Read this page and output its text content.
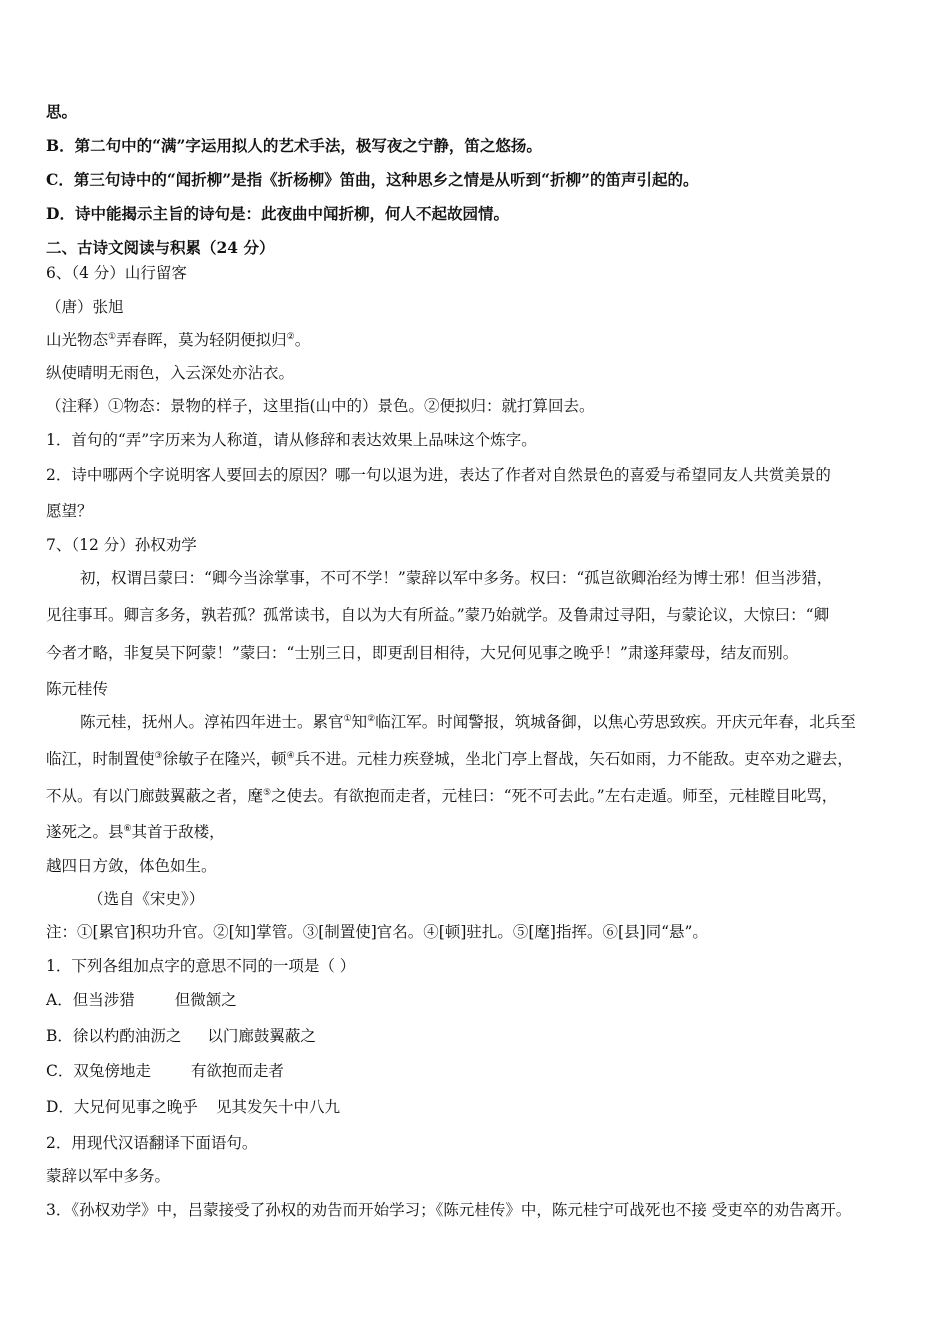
思。
B．第二句中的“满”字运用拟人的艺术手法，极写夜之宁静，笛之悠扬。
C．第三句诗中的“闻折柳”是指《折杨柳》笛曲，这种思乡之情是从听到“折柳”的笛声引起的。
D．诗中能揭示主旨的诗句是：此夜曲中闻折柳，何人不起故园情。
二、古诗文阅读与积累（24 分）
6、（4 分）山行留客
（唐）张旭
山光物态①弄春晖，莫为轻阴便拟归②。
纵使晴明无雨色，入云深处亦沾衣。
（注释）①物态：景物的样子，这里指(山中的）景色。②便拟归：就打算回去。
1．首句的“弄”字历来为人称道，请从修辞和表达效果上品味这个炼字。
2．诗中哪两个字说明客人要回去的原因？哪一句以退为进，表达了作者对自然景色的喜爱与希望同友人共赏美景的
愿望？
7、（12 分）孙权劝学
初，权谓吕蒙曰：“卿今当涂掌事，不可不学！”蒙辞以军中多务。权曰：“孤岂欲卿治经为博士邪！但当涉猎，
见往事耳。卿言多务，孰若孤？孤常读书，自以为大有所益。”蒙乃始就学。及鲁肃过寻阳，与蒙论议，大惊曰：“卿
今者才略，非复吴下阿蒙！”蒙曰：“士别三日，即更刮目相待，大兄何见事之晚乎！”肃遂拜蒙母，结友而别。
陈元桂传
陈元桂，抚州人。淳祐四年进士。累官①知②临江军。时闻警报，筑城备御，以焦心劳思致疾。开庆元年春，北兵至
临江，时制置使③徐敏子在隆兴，顿④兵不进。元桂力疾登城，坐北门亭上督战，矢石如雨，力不能敌。吏卒劝之避去，
不从。有以门廊鼓翼蔽之者，麾⑤之使去。有欲抱而走者，元桂曰：“死不可去此。”左右走遁。师至，元桂瞠目叱骂，
遂死之。县⑥其首于敌楼，
越四日方敛，体色如生。
（选自《宋史》）
注：①[累官]积功升官。②[知]掌管。③[制置使]官名。④[顿]驻扎。⑤[麾]指挥。⑥[县]同“悬”。
1．下列各组加点字的意思不同的一项是（ ）
A．但当涉猎	但微颔之
B．徐以杓酌油沥之 以门廊鼓翼蔽之
C．双兔傍地走	有欲抱而走者
D．大兄何见事之晚乎 见其发矢十中八九
2．用现代汉语翻译下面语句。
蒙辞以军中多务。
3．《孙权劝学》中，吕蒙接受了孙权的劝告而开始学习；《陈元桂传》中，陈元桂宁可战死也不接 受吏卒的劝告离开。
